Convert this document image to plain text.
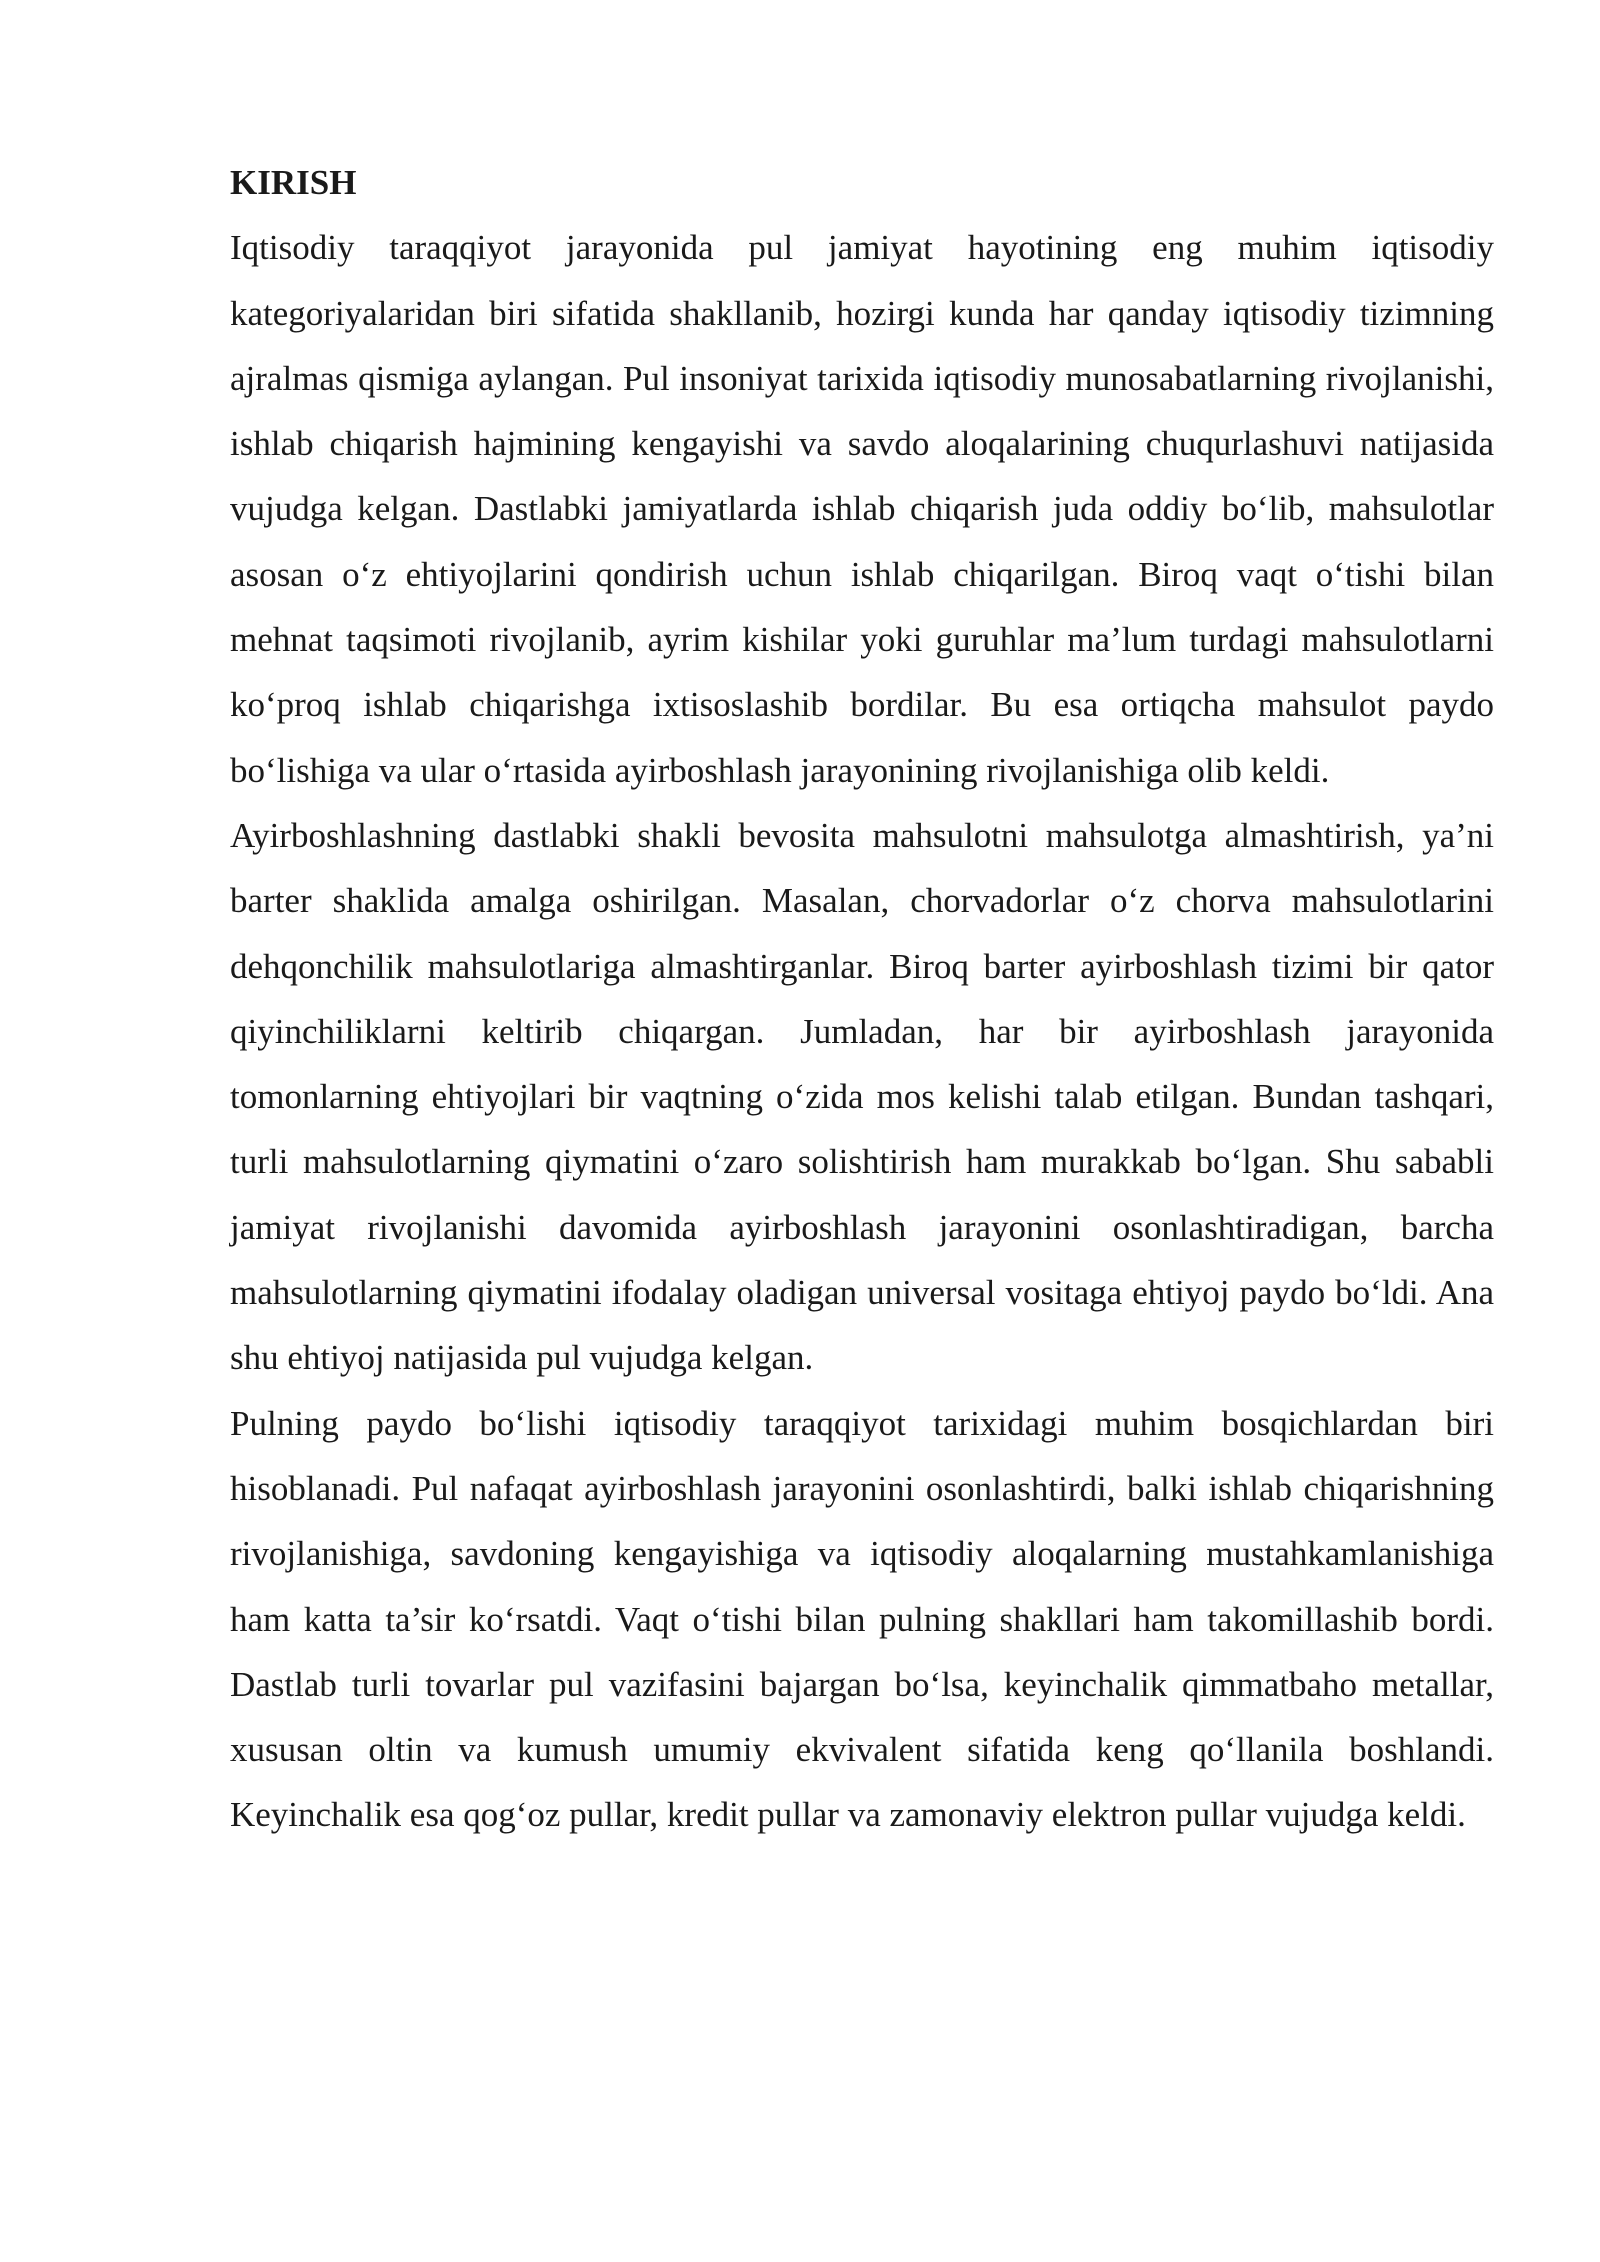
KIRISH

Iqtisodiy taraqqiyot jarayonida pul jamiyat hayotining eng muhim iqtisodiy kategoriyalaridan biri sifatida shakllanib, hozirgi kunda har qanday iqtisodiy tizimning ajralmas qismiga aylangan. Pul insoniyat tarixida iqtisodiy munosabatlarning rivojlanishi, ishlab chiqarish hajmining kengayishi va savdo aloqalarining chuqurlashuvi natijasida vujudga kelgan. Dastlabki jamiyatlarda ishlab chiqarish juda oddiy bo‘lib, mahsulotlar asosan o‘z ehtiyojlarini qondirish uchun ishlab chiqarilgan. Biroq vaqt o‘tishi bilan mehnat taqsimoti rivojlanib, ayrim kishilar yoki guruhlar ma’lum turdagi mahsulotlarni ko‘proq ishlab chiqarishga ixtisoslashib bordilar. Bu esa ortiqcha mahsulot paydo bo‘lishiga va ular o‘rtasida ayirboshlash jarayonining rivojlanishiga olib keldi.

Ayirboshlashning dastlabki shakli bevosita mahsulotni mahsulotga almashtirish, ya’ni barter shaklida amalga oshirilgan. Masalan, chorvadorlar o‘z chorva mahsulotlarini dehqonchilik mahsulotlariga almashtirganlar. Biroq barter ayirboshlash tizimi bir qator qiyinchiliklarni keltirib chiqargan. Jumladan, har bir ayirboshlash jarayonida tomonlarning ehtiyojlari bir vaqtning o‘zida mos kelishi talab etilgan. Bundan tashqari, turli mahsulotlarning qiymatini o‘zaro solishtirish ham murakkab bo‘lgan. Shu sababli jamiyat rivojlanishi davomida ayirboshlash jarayonini osonlashtiradigan, barcha mahsulotlarning qiymatini ifodalay oladigan universal vositaga ehtiyoj paydo bo‘ldi. Ana shu ehtiyoj natijasida pul vujudga kelgan.

Pulning paydo bo‘lishi iqtisodiy taraqqiyot tarixidagi muhim bosqichlardan biri hisoblanadi. Pul nafaqat ayirboshlash jarayonini osonlashtirdi, balki ishlab chiqarishning rivojlanishiga, savdoning kengayishiga va iqtisodiy aloqalarning mustahkamlanishiga ham katta ta’sir ko‘rsatdi. Vaqt o‘tishi bilan pulning shakllari ham takomillashib bordi. Dastlab turli tovarlar pul vazifasini bajargan bo‘lsa, keyinchalik qimmatbaho metallar, xususan oltin va kumush umumiy ekvivalent sifatida keng qo‘llanila boshlandi. Keyinchalik esa qog‘oz pullar, kredit pullar va zamonaviy elektron pullar vujudga keldi.
